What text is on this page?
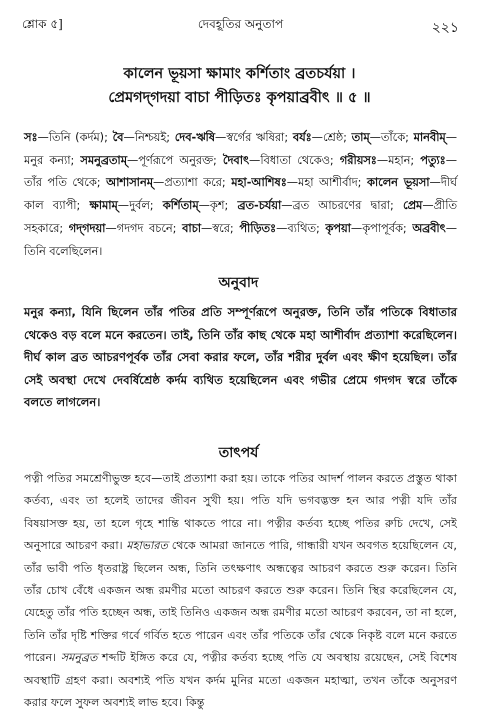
শ্লোক ৫]	দেবহূতির অনুতাপ	২২১
কালেন ভূয়সা ক্ষামাং কর্শিতাং ব্রতচর্যয়া ।
প্রেমগদ্‌গদয়া বাচা পীড়িতঃ কৃপয়াব্রবীৎ ॥ ৫ ॥
সঃ—তিনি (কর্দম); বৈ—নিশ্চয়ই; দেব-ঋষি—স্বর্গের ঋষিরা; বর্যঃ—শ্রেষ্ঠ; তাম্—তাঁকে; মানবীম্—মনুর কন্যা; সমনুব্রতাম্—পূর্ণরূপে অনুরক্ত; দৈবাৎ—বিধাতা থেকেও; গরীয়সঃ—মহান; পত্যুঃ—তাঁর পতি থেকে; আশাসানম্—প্রত্যাশা করে; মহা-আশিষঃ—মহা আশীর্বাদ; কালেন ভূয়সা—দীর্ঘ কাল ব্যাপী; ক্ষামাম্—দুর্বল; কর্শিতাম্—কৃশ; ব্রত-চর্যয়া—ব্রত আচরণের দ্বারা; প্রেম—প্রীতি সহকারে; গদ্‌গদয়া—গদগদ বচনে; বাচা—স্বরে; পীড়িতঃ—ব্যথিত; কৃপয়া—কৃপাপূর্বক; অব্রবীৎ—তিনি বলেছিলেন।
অনুবাদ
মনুর কন্যা, যিনি ছিলেন তাঁর পতির প্রতি সম্পূর্ণরূপে অনুরক্ত, তিনি তাঁর পতিকে বিধাতার থেকেও বড় বলে মনে করতেন। তাই, তিনি তাঁর কাছ থেকে মহা আশীর্বাদ প্রত্যাশা করেছিলেন। দীর্ঘ কাল ব্রত আচরণপূর্বক তাঁর সেবা করার ফলে, তাঁর শরীর দুর্বল এবং ক্ষীণ হয়েছিল। তাঁর সেই অবস্থা দেখে দেবর্ষিশ্রেষ্ঠ কর্দম ব্যথিত হয়েছিলেন এবং গভীর প্রেমে গদগদ স্বরে তাঁকে বলতে লাগলেন।
তাৎপর্য
পত্নী পতির সমশ্রেণীভুক্ত হবে—তাই প্রত্যাশা করা হয়। তাকে পতির আদর্শ পালন করতে প্রস্তুত থাকা কর্তব্য, এবং তা হলেই তাদের জীবন সুখী হয়। পতি যদি ভগবদ্ভক্ত হন আর পত্নী যদি তাঁর বিষয়াসক্ত হয়, তা হলে গৃহে শান্তি থাকতে পারে না। পত্নীর কর্তব্য হচ্ছে পতির রুচি দেখে, সেই অনুসারে আচরণ করা। মহাভারত থেকে আমরা জানতে পারি, গান্ধারী যখন অবগত হয়েছিলেন যে, তাঁর ভাবী পতি ধৃতরাষ্ট্র ছিলেন অন্ধ, তিনি তৎক্ষণাৎ অন্ধত্বের আচরণ করতে শুরু করেন। তিনি তাঁর চোখ বেঁধে একজন অন্ধ রমণীর মতো আচরণ করতে শুরু করেন। তিনি স্থির করেছিলেন যে, যেহেতু তাঁর পতি হচ্ছেন অন্ধ, তাই তিনিও একজন অন্ধ রমণীর মতো আচরণ করবেন, তা না হলে, তিনি তাঁর দৃষ্টি শক্তির গর্বে গর্বিত হতে পারেন এবং তাঁর পতিকে তাঁর থেকে নিকৃষ্ট বলে মনে করতে পারেন। সমনুব্রত শব্দটি ইঙ্গিত করে যে, পত্নীর কর্তব্য হচ্ছে পতি যে অবস্থায় রয়েছেন, সেই বিশেষ অবস্থাটি গ্রহণ করা। অবশ্যই পতি যখন কর্দম মুনির মতো একজন মহাত্মা, তখন তাঁকে অনুসরণ করার ফলে সুফল অবশ্যই লাভ হবে। কিন্তু
